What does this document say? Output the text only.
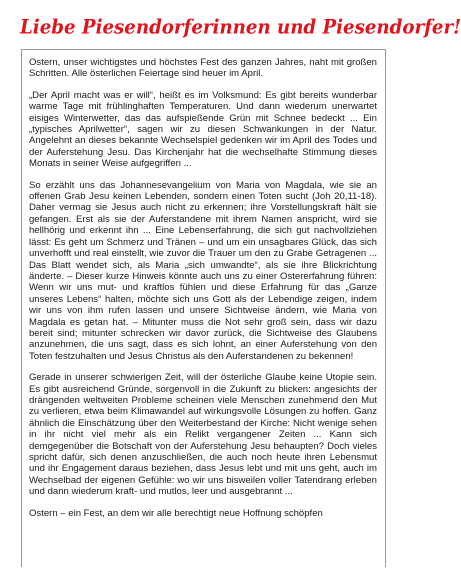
Liebe Piesendorferinnen und Piesendorfer!

Ostern, unser wichtigstes und höchstes Fest des ganzen Jahres, naht mit großen Schritten. Alle österlichen Feiertage sind heuer im April.

„Der April macht was er will“, heißt es im Volksmund: Es gibt bereits wunderbar warme Tage mit frühlinghaften Temperaturen. Und dann wiederum unerwartet eisiges Winterwetter, das das aufspießende Grün mit Schnee bedeckt ... Ein „typisches Aprilwetter“, sagen wir zu diesen Schwankungen in der Natur. Angelehnt an dieses bekannte Wechselspiel gedenken wir im April des Todes und der Auferstehung Jesu. Das Kirchenjahr hat die wechselhafte Stimmung dieses Monats in seiner Weise aufgegriffen ...

So erzählt uns das Johannesevangelium von Maria von Magdala, wie sie an offenen Grab Jesu keinen Lebenden, sondern einen Toten sucht (Joh 20,11-18). Daher vermag sie Jesus auch nicht zu erkennen; ihre Vorstellungskraft hält sie gefangen. Erst als sie der Auferstandene mit ihrem Namen anspricht, wird sie hellhörig und erkennt ihn ... Eine Lebenserfahrung, die sich gut nachvollziehen lässt: Es geht um Schmerz und Tränen – und um ein unsagbares Glück, das sich unverhofft und real einstellt, wie zuvor die Trauer um den zu Grabe Getragenen ... Das Blatt wendet sich, als Maria „sich umwandte“, als sie ihre Blickrichtung änderte. – Dieser kurze Hinweis könnte auch uns zu einer Ostererfahrung führen: Wenn wir uns mut- und kraftlos fühlen und diese Erfahrung für das „Ganze unseres Lebens“ halten, möchte sich uns Gott als der Lebendige zeigen, indem wir uns von ihm rufen lassen und unsere Sichtweise ändern, wie Maria von Magdala es getan hat. – Mitunter muss die Not sehr groß sein, dass wir dazu bereit sind; mitunter schrecken wir davor zurück, die Sichtweise des Glaubens anzunehmen, die uns sagt, dass es sich lohnt, an einer Auferstehung von den Toten festzuhalten und Jesus Christus als den Auferstandenen zu bekennen!

Gerade in unserer schwierigen Zeit, will der österliche Glaube keine Utopie sein. Es gibt ausreichend Gründe, sorgenvoll in die Zukunft zu blicken: angesichts der drängenden weltweiten Probleme scheinen viele Menschen zunehmend den Mut zu verlieren, etwa beim Klimawandel auf wirkungsvolle Lösungen zu hoffen. Ganz ähnlich die Einschätzung über den Weiterbestand der Kirche: Nicht wenige sehen in ihr nicht viel mehr als ein Relikt vergangener Zeiten ... Kann sich demgegenüber die Botschaft von der Auferstehung Jesu behaupten? Doch vieles spricht dafür, sich denen anzuschließen, die auch noch heute ihren Lebensmut und ihr Engagement daraus beziehen, dass Jesus lebt und mit uns geht, auch im Wechselbad der eigenen Gefühle: wo wir uns bisweilen voller Tatendrang erleben und dann wiederum kraft- und mutlos, leer und ausgebrannt ...

Ostern – ein Fest, an dem wir alle berechtigt neue Hoffnung schöpfen
